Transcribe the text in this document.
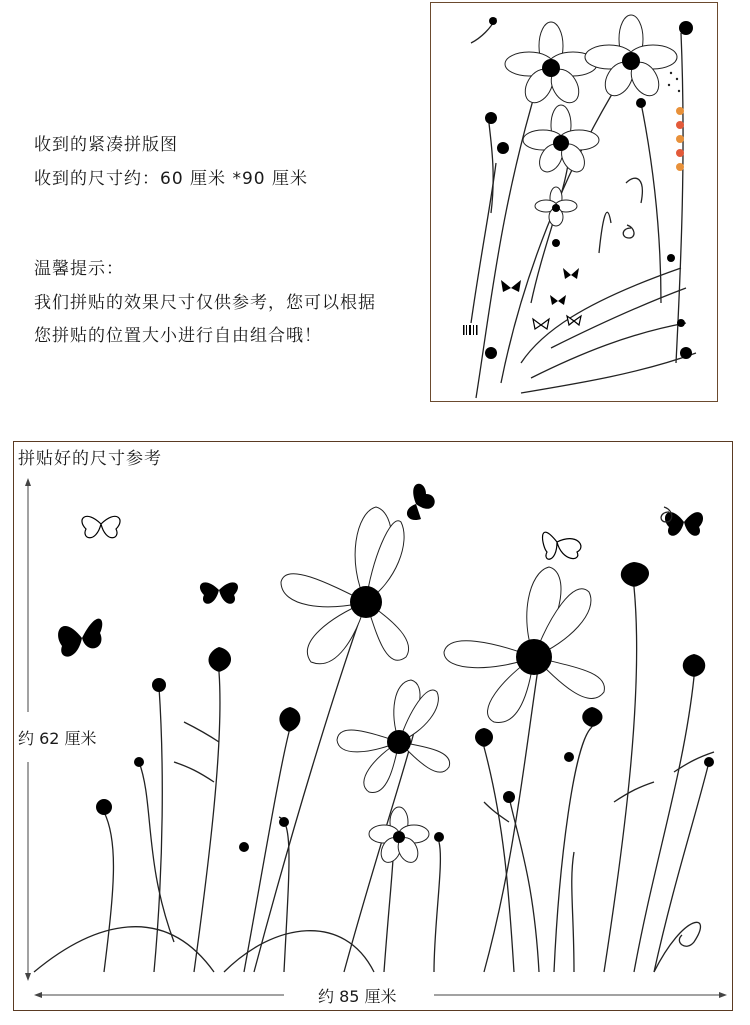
收到的紧凑拼版图
收到的尺寸约：60 厘米 *90 厘米
温馨提示：
我们拼贴的效果尺寸仅供参考，您可以根据
您拼贴的位置大小进行自由组合哦！
拼贴好的尺寸参考
约 62 厘米
约 85 厘米
